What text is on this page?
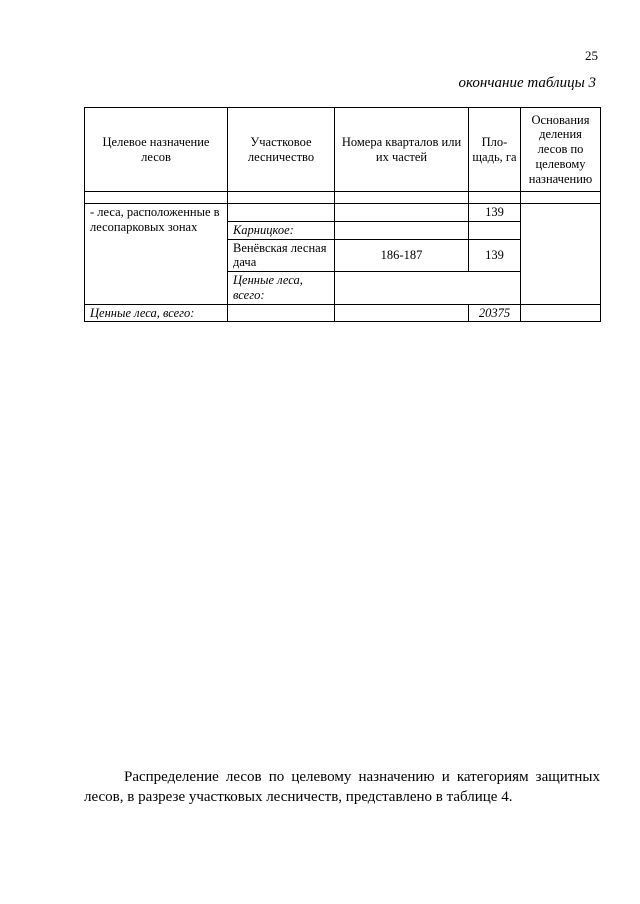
25
окончание таблицы 3
Целевое назначение лесов	Участковое лесничество	Номера кварталов или их частей	Пло-щадь, га	Основания деления лесов по целевому назначению

- леса, расположенные в лесопарковых зонах			139	
	Карницкое:			
	Венёвская лесная дача	186-187	139	
	Ценные леса, всего:			
Ценные леса, всего:			20375	
Распределение лесов по целевому назначению и категориям защитных лесов, в разрезе участковых лесничеств, представлено в таблице 4.
